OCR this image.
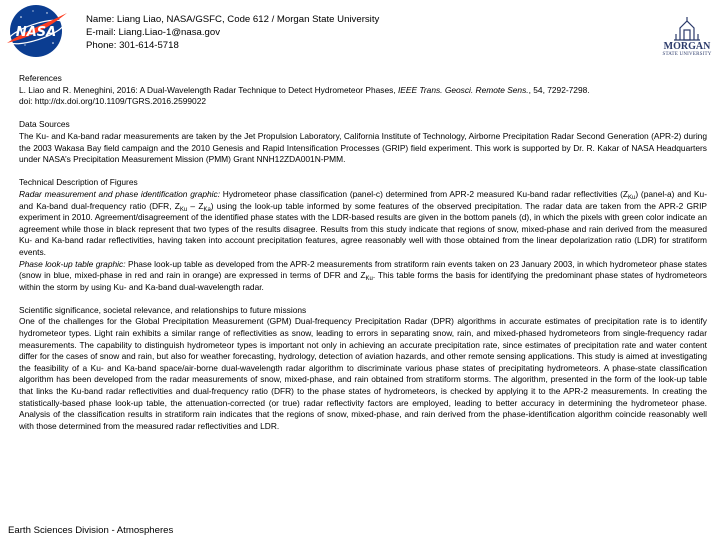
NASA
Name: Liang Liao, NASA/GSFC, Code 612 / Morgan State University
E-mail: Liang.Liao-1@nasa.gov
Phone: 301-614-5718	MORGAN
STATE UNIVERSITY
References
L. Liao and R. Meneghini, 2016: A Dual-Wavelength Radar Technique to Detect Hydrometeor Phases, IEEE Trans. Geosci. Remote Sens., 54, 7292-7298.
doi: http://dx.doi.org/10.1109/TGRS.2016.2599022
Data Sources
The Ku- and Ka-band radar measurements are taken by the Jet Propulsion Laboratory, California Institute of Technology, Airborne Precipitation Radar Second Generation (APR-2) during the 2003 Wakasa Bay field campaign and the 2010 Genesis and Rapid Intensification Processes (GRIP) field experiment. This work is supported by Dr. R. Kakar of NASA Headquarters under NASA’s Precipitation Measurement Mission (PMM) Grant NNH12ZDA001N-PMM.
Technical Description of Figures
Radar measurement and phase identification graphic: Hydrometeor phase classification (panel-c) determined from APR-2 measured Ku-band radar reflectivities $(Z_{Ku})$ (panel-a) and Ku- and Ka-band dual-frequency ratio (DFR, $Z_{Ku} - Z_{Ka}$) using the look-up table informed by some features of the observed precipitation. The radar data are taken from the APR-2 GRIP experiment in 2010. Agreement/disagreement of the identified phase states with the LDR-based results are given in the bottom panels (d), in which the pixels with green color indicate an agreement while those in black represent that two types of the results disagree. Results from this study indicate that regions of snow, mixed-phase and rain derived from the measured Ku- and Ka-band radar reflectivities, having taken into account precipitation features, agree reasonably well with those obtained from the linear depolarization ratio (LDR) for stratiform events.
Phase look-up table graphic: Phase look-up table as developed from the APR-2 measurements from stratiform rain events taken on 23 January 2003, in which hydrometeor phase states (snow in blue, mixed-phase in red and rain in orange) are expressed in terms of DFR and $Z_{Ku}$. This table forms the basis for identifying the predominant phase states of hydrometeors within the storm by using Ku- and Ka-band dual-wavelength radar.
Scientific significance, societal relevance, and relationships to future missions
One of the challenges for the Global Precipitation Measurement (GPM) Dual-frequency Precipitation Radar (DPR) algorithms in accurate estimates of precipitation rate is to identify hydrometeor types. Light rain exhibits a similar range of reflectivities as snow, leading to errors in separating snow, rain, and mixed-phased hydrometeors from single-frequency radar measurements. The capability to distinguish hydrometeor types is important not only in achieving an accurate precipitation rate, since estimates of precipitation rate and water content differ for the cases of snow and rain, but also for weather forecasting, hydrology, detection of aviation hazards, and other remote sensing applications. This study is aimed at investigating the feasibility of a Ku- and Ka-band space/air-borne dual-wavelength radar algorithm to discriminate various phase states of precipitating hydrometeors. A phase-state classification algorithm has been developed from the radar measurements of snow, mixed-phase, and rain obtained from stratiform storms. The algorithm, presented in the form of the look-up table that links the Ku-band radar reflectivities and dual-frequency ratio (DFR) to the phase states of hydrometeors, is checked by applying it to the APR-2 measurements. In creating the statistically-based phase look-up table, the attenuation-corrected (or true) radar reflectivity factors are employed, leading to better accuracy in determining the hydrometeor phase. Analysis of the classification results in stratiform rain indicates that the regions of snow, mixed-phase, and rain derived from the phase-identification algorithm coincide reasonably well with those determined from the measured radar reflectivities and LDR.
Earth Sciences Division - Atmospheres
